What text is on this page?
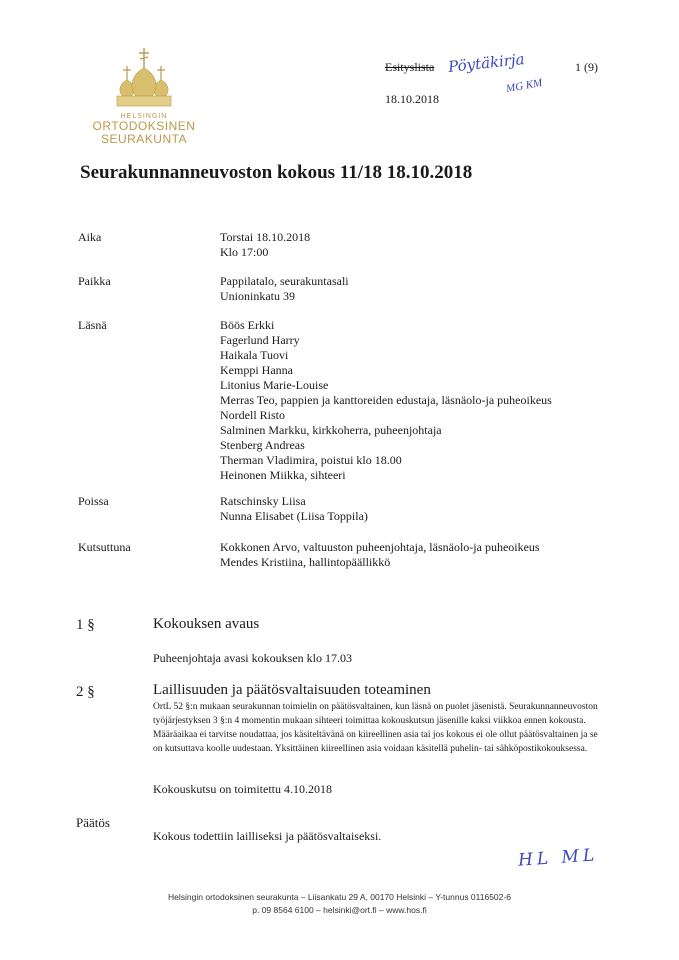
HELSINGIN
ORTODOKSINEN
SEURAKUNTA
Esityslista Pöytäkirja
MG KM
1 (9)
18.10.2018
Seurakunnanneuvoston kokous 11/18 18.10.2018
Aika	Torstai 18.10.2018
Klo 17:00
Paikka	Pappilatalo, seurakuntasali
Unioninkatu 39
Läsnä	Böös Erkki
Fagerlund Harry
Haikala Tuovi
Kemppi Hanna
Litonius Marie-Louise
Merras Teo, pappien ja kanttoreiden edustaja, läsnäolo-ja puheoikeus
Nordell Risto
Salminen Markku, kirkkoherra, puheenjohtaja
Stenberg Andreas
Therman Vladimira, poistui klo 18.00
Heinonen Miikka, sihteeri
Poissa	Ratschinsky Liisa
Nunna Elisabet (Liisa Toppila)
Kutsuttuna	Kokkonen Arvo, valtuuston puheenjohtaja, läsnäolo-ja puheoikeus
Mendes Kristiina, hallintopäällikkö
1 §	Kokouksen avaus
Puheenjohtaja avasi kokouksen klo 17.03
2 §	Laillisuuden ja päätösvaltaisuuden toteaminen

OrtL 52 §:n mukaan seurakunnan toimielin on päätösvaltainen, kun läsnä on puolet jäsenistä. Seurakunnanneuvoston työjärjestyksen 3 §:n 4 momentin mukaan sihteeri toimittaa kokouskutsun jäsenille kaksi viikkoa ennen kokousta. Määräaikaa ei tarvitse noudattaa, jos käsiteltävänä on kiireellinen asia tai jos kokous ei ole ollut päätösvaltainen ja se on kutsuttava koolle uudestaan. Yksittäinen kiireellinen asia voidaan käsitellä puhelin- tai sähköpostikokouksessa.

Kokouskutsu on toimitettu 4.10.2018
Päätös
Kokous todettiin lailliseksi ja päätösvaltaiseksi.
HL ML
Helsingin ortodoksinen seurakunta – Liisankatu 29 A, 00170 Helsinki – Y-tunnus 0116502-6
p. 09 8564 6100 – helsinki@ort.fi – www.hos.fi
